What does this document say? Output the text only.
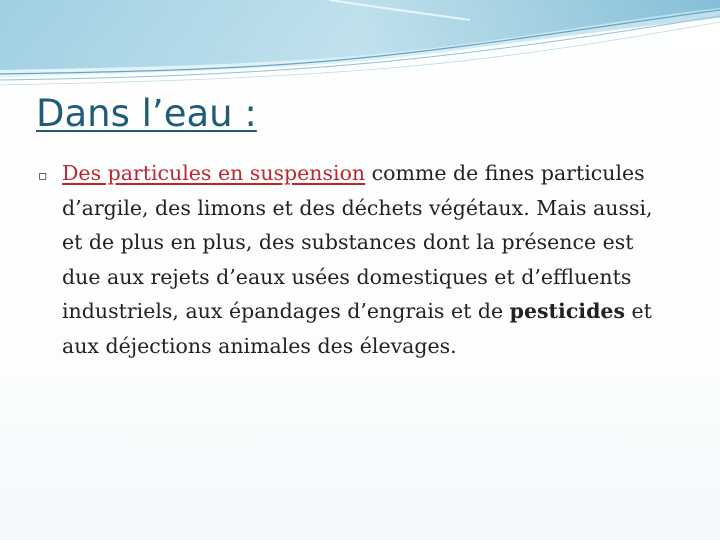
Dans l’eau :
▫ Des particules en suspension comme de fines particules d’argile, des limons et des déchets végétaux. Mais aussi, et de plus en plus, des substances dont la présence est due aux rejets d’eaux usées domestiques et d’effluents industriels, aux épandages d’engrais et de pesticides et aux déjections animales des élevages.
